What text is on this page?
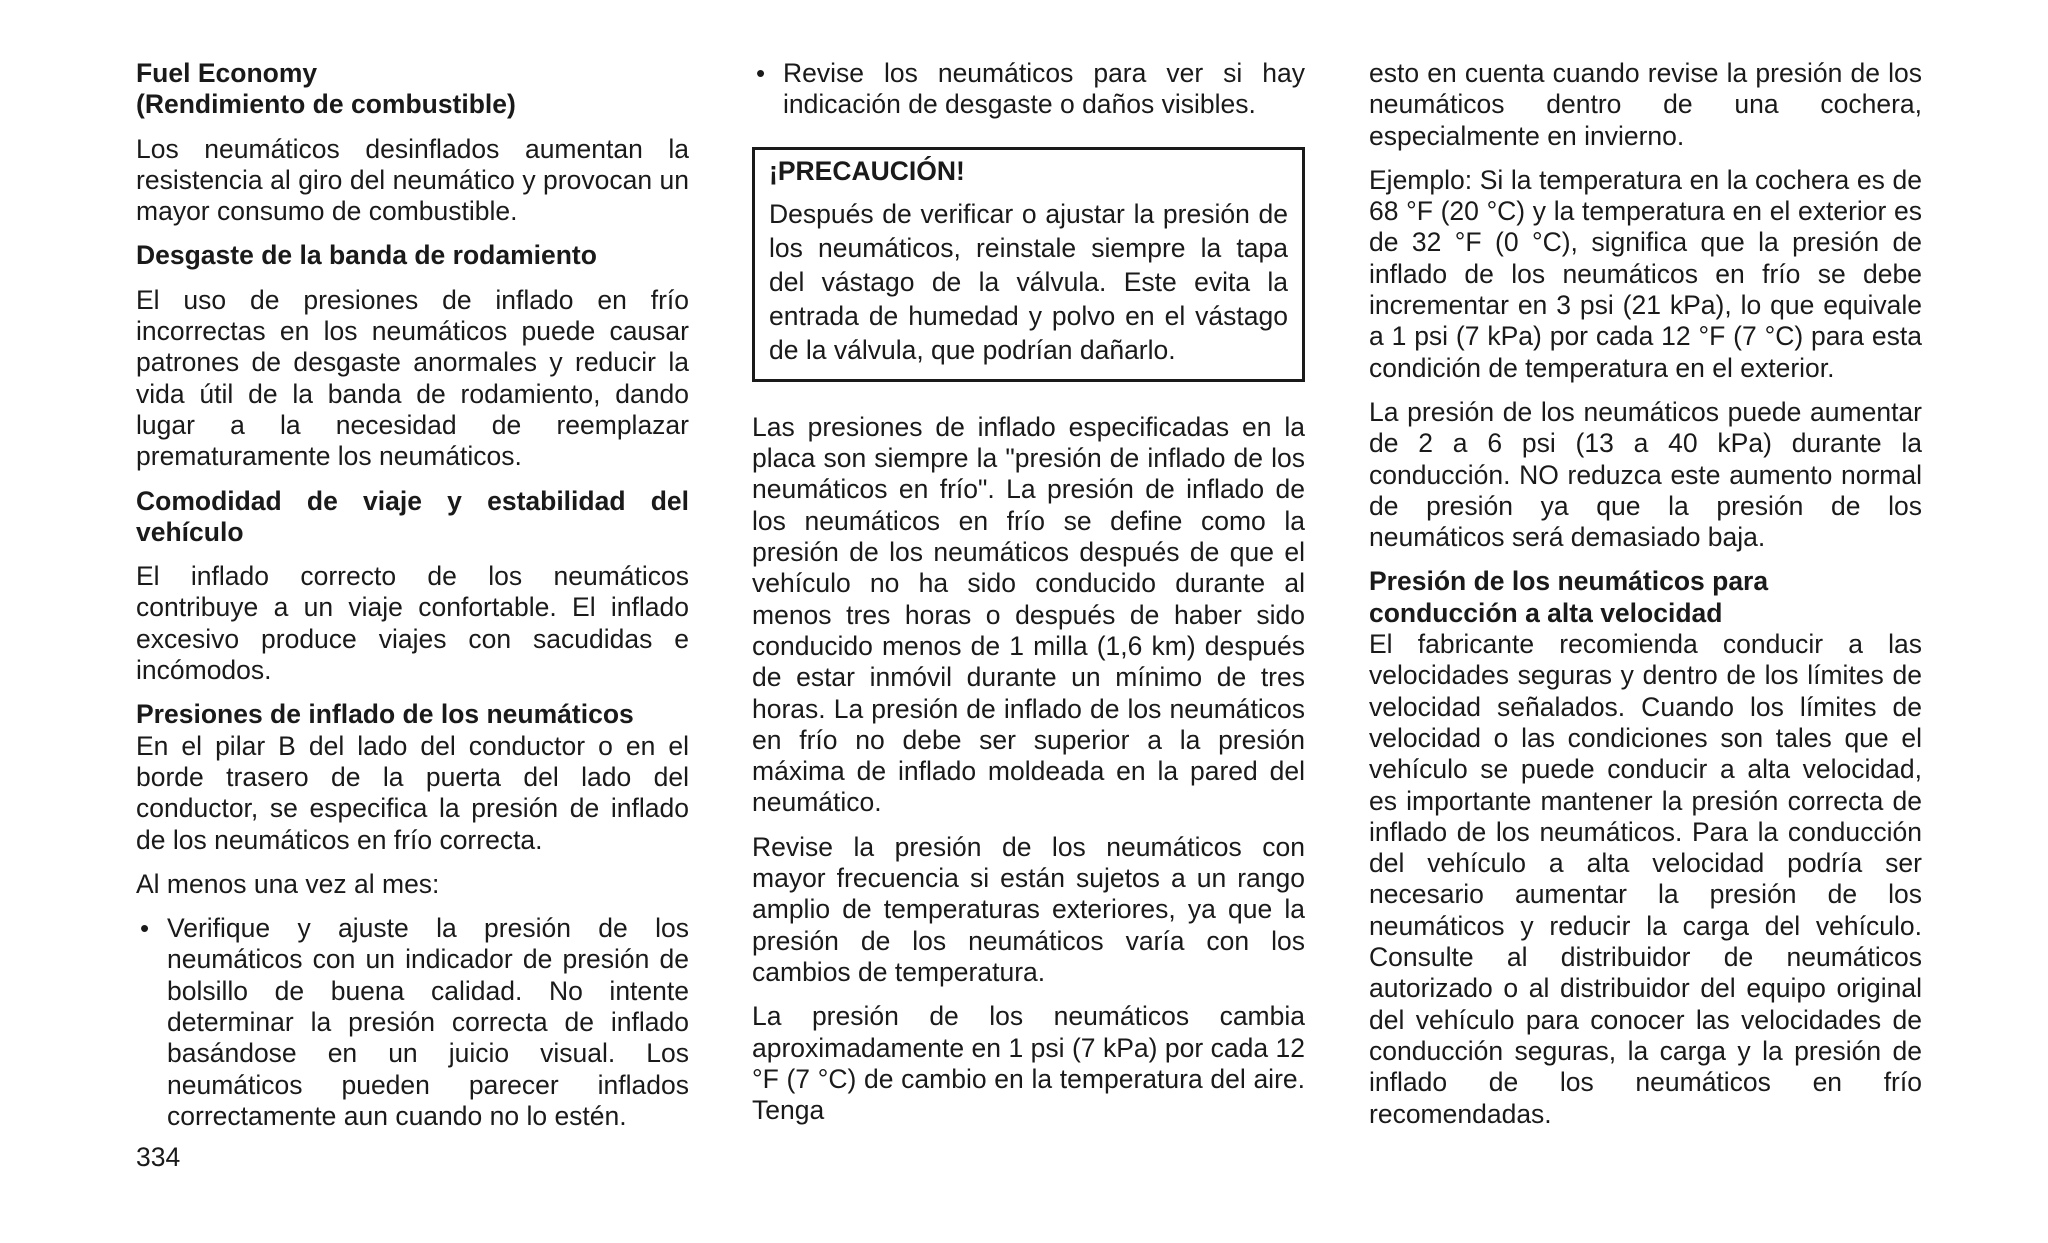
Fuel Economy
(Rendimiento de combustible)

Los neumáticos desinflados aumentan la resistencia al giro del neumático y provocan un mayor consumo de combustible.

Desgaste de la banda de rodamiento

El uso de presiones de inflado en frío incorrectas en los neumáticos puede causar patrones de desgaste anormales y reducir la vida útil de la banda de rodamiento, dando lugar a la necesidad de reemplazar prematuramente los neumáticos.

Comodidad de viaje y estabilidad del vehículo

El inflado correcto de los neumáticos contribuye a un viaje confortable. El inflado excesivo produce viajes con sacudidas e incómodos.

Presiones de inflado de los neumáticos

En el pilar B del lado del conductor o en el borde trasero de la puerta del lado del conductor, se especifica la presión de inflado de los neumáticos en frío correcta.

Al menos una vez al mes:

• Verifique y ajuste la presión de los neumáticos con un indicador de presión de bolsillo de buena calidad. No intente determinar la presión correcta de inflado basándose en un juicio visual. Los neumáticos pueden parecer inflados correctamente aun cuando no lo estén.
• Revise los neumáticos para ver si hay indicación de desgaste o daños visibles.
¡PRECAUCIÓN!

Después de verificar o ajustar la presión de los neumáticos, reinstale siempre la tapa del vástago de la válvula. Este evita la entrada de humedad y polvo en el vástago de la válvula, que podrían dañarlo.

Las presiones de inflado especificadas en la placa son siempre la "presión de inflado de los neumáticos en frío". La presión de inflado de los neumáticos en frío se define como la presión de los neumáticos después de que el vehículo no ha sido conducido durante al menos tres horas o después de haber sido conducido menos de 1 milla (1,6 km) después de estar inmóvil durante un mínimo de tres horas. La presión de inflado de los neumáticos en frío no debe ser superior a la presión máxima de inflado moldeada en la pared del neumático.

Revise la presión de los neumáticos con mayor frecuencia si están sujetos a un rango amplio de temperaturas exteriores, ya que la presión de los neumáticos varía con los cambios de temperatura.

La presión de los neumáticos cambia aproximadamente en 1 psi (7 kPa) por cada 12 °F (7 °C) de cambio en la temperatura del aire. Tenga

esto en cuenta cuando revise la presión de los neumáticos dentro de una cochera, especialmente en invierno.

Ejemplo: Si la temperatura en la cochera es de 68 °F (20 °C) y la temperatura en el exterior es de 32 °F (0 °C), significa que la presión de inflado de los neumáticos en frío se debe incrementar en 3 psi (21 kPa), lo que equivale a 1 psi (7 kPa) por cada 12 °F (7 °C) para esta condición de temperatura en el exterior.

La presión de los neumáticos puede aumentar de 2 a 6 psi (13 a 40 kPa) durante la conducción. NO reduzca este aumento normal de presión ya que la presión de los neumáticos será demasiado baja.

Presión de los neumáticos para
conducción a alta velocidad

El fabricante recomienda conducir a las velocidades seguras y dentro de los límites de velocidad señalados. Cuando los límites de velocidad o las condiciones son tales que el vehículo se puede conducir a alta velocidad, es importante mantener la presión correcta de inflado de los neumáticos. Para la conducción del vehículo a alta velocidad podría ser necesario aumentar la presión de los neumáticos y reducir la carga del vehículo. Consulte al distribuidor de neumáticos autorizado o al distribuidor del equipo original del vehículo para conocer las velocidades de conducción seguras, la carga y la presión de inflado de los neumáticos en frío recomendadas.

334
